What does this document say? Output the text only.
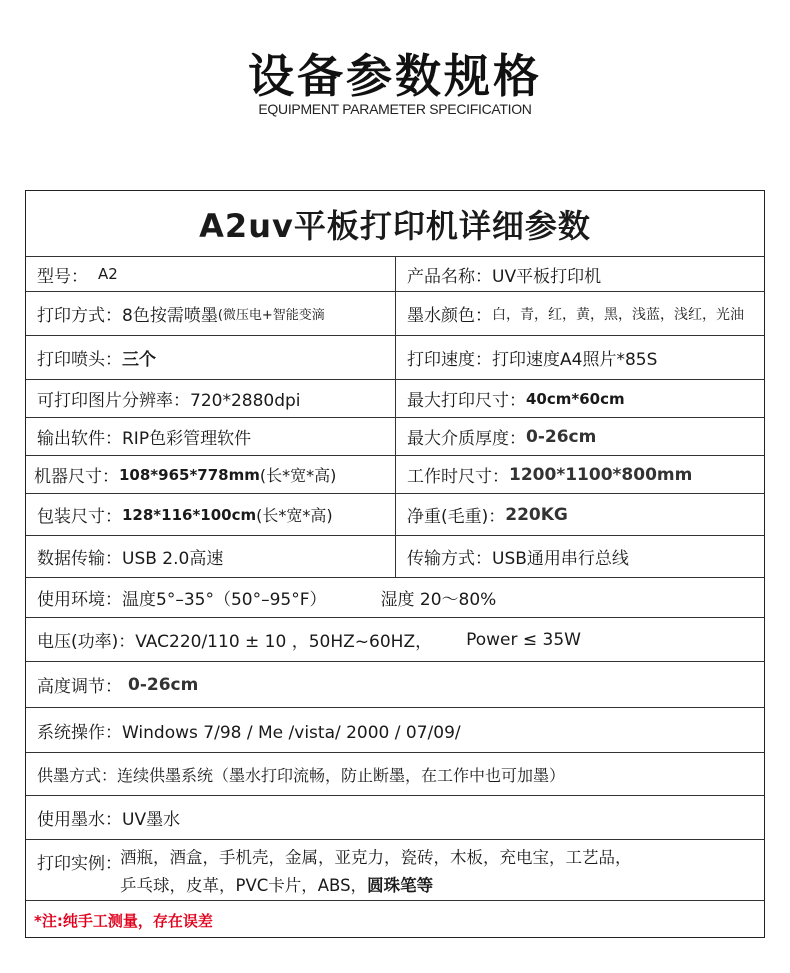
设备参数规格
EQUIPMENT PARAMETER SPECIFICATION
A2uv平板打印机详细参数
型号： A2	产品名称：UV平板打印机
打印方式： 8色按需喷墨 (微压电+智能变滴	墨水颜色： 白，青，红，黄，黑，浅蓝，浅红，光油
打印喷头： 三个	打印速度：打印速度A4照片*85S
可打印图片分辨率：720*2880dpi	最大打印尺寸： 40cm*60cm
输出软件：RIP色彩管理软件	最大介质厚度： 0-26cm
机器尺寸： 108*965*778mm (长*宽*高)	工作时尺寸： 1200*1100*800mm
包装尺寸： 128*116*100cm (长*宽*高)	净重(毛重)： 220KG
数据传输：USB 2.0高速	传输方式：USB通用串行总线
使用环境：温度5°–35°（50°–95°F）	湿度 20～80%
电压(功率)：VAC220/110 ± 10 ，50HZ~60HZ， Power ≤ 35W
高度调节： 0-26cm
系统操作：Windows 7/98 / Me /vista/ 2000 / 07/09/
供墨方式：连续供墨系统（墨水打印流畅，防止断墨，在工作中也可加墨）
使用墨水：UV墨水
打印实例：
酒瓶，酒盒，手机壳，金属，亚克力，瓷砖，木板，充电宝，工艺品，
乒乓球，皮革，PVC卡片，ABS，圆珠笔等
*注:纯手工测量，存在误差
